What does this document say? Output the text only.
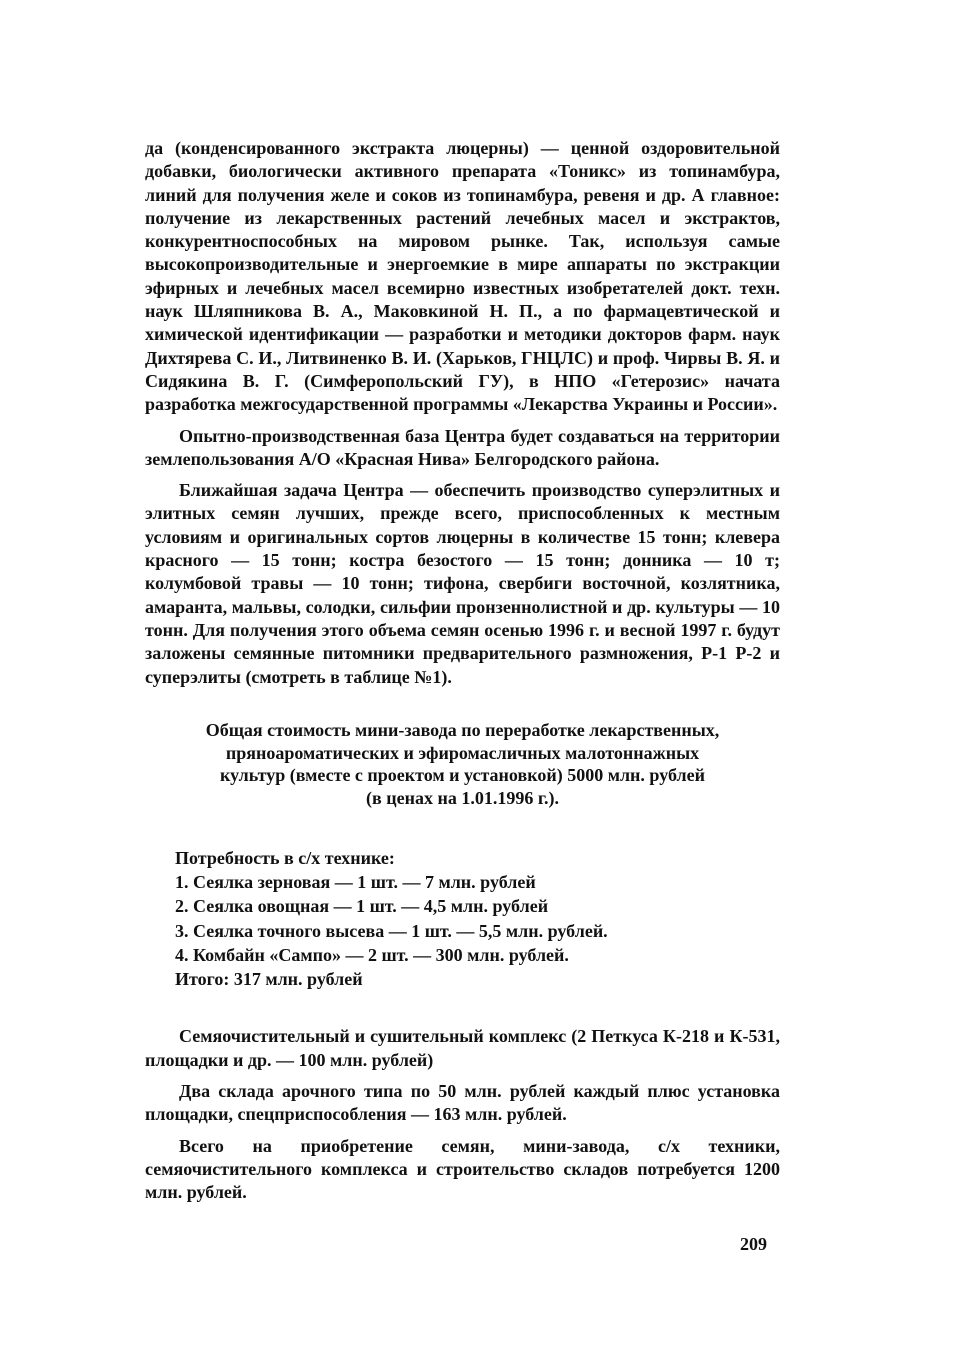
да (конденсированного экстракта люцерны) — ценной оздоровительной добавки, биологически активного препарата «Тоникс» из топинамбура, линий для получения желе и соков из топинамбура, ревеня и др. А главное: получение из лекарственных растений лечебных масел и экстрактов, конкурентноспособных на мировом рынке. Так, используя самые высокопроизводительные и энергоемкие в мире аппараты по экстракции эфирных и лечебных масел всемирно известных изобретателей докт. техн. наук Шляпникова В. А., Маковкиной Н. П., а по фармацевтической и химической идентификации — разработки и методики докторов фарм. наук Дихтярева С. И., Литвиненко В. И. (Харьков, ГНЦЛС) и проф. Чирвы В. Я. и Сидякина В. Г. (Симферопольский ГУ), в НПО «Гетерозис» начата разработка межгосударственной программы «Лекарства Украины и России».

Опытно-производственная база Центра будет создаваться на территории землепользования А/О «Красная Нива» Белгородского района.

Ближайшая задача Центра — обеспечить производство суперэлитных и элитных семян лучших, прежде всего, приспособленных к местным условиям и оригинальных сортов люцерны в количестве 15 тонн; клевера красного — 15 тонн; костра безостого — 15 тонн; донника — 10 т; колумбовой травы — 10 тонн; тифона, свербиги восточной, козлятника, амаранта, мальвы, солодки, сильфии пронзеннолистной и др. культуры — 10 тонн. Для получения этого объема семян осенью 1996 г. и весной 1997 г. будут заложены семянные питомники предварительного размножения, Р-1 Р-2 и суперэлиты (смотреть в таблице №1).

Общая стоимость мини-завода по переработке лекарственных,
пряноароматических и эфиромасличных малотоннажных
культур (вместе с проектом и установкой) 5000 млн. рублей
(в ценах на 1.01.1996 г.).
Потребность в с/х технике:
1. Сеялка зерновая — 1 шт. — 7 млн. рублей
2. Сеялка овощная — 1 шт. — 4,5 млн. рублей
3. Сеялка точного высева — 1 шт. — 5,5 млн. рублей.
4. Комбайн «Сампо» — 2 шт. — 300 млн. рублей.
Итого: 317 млн. рублей

Семяочистительный и сушительный комплекс (2 Петкуса К-218 и К-531, площадки и др. — 100 млн. рублей)

Два склада арочного типа по 50 млн. рублей каждый плюс установка площадки, спецприспособления — 163 млн. рублей.

Всего на приобретение семян, мини-завода, с/х техники, семяочистительного комплекса и строительство складов потребуется 1200 млн. рублей.

209
